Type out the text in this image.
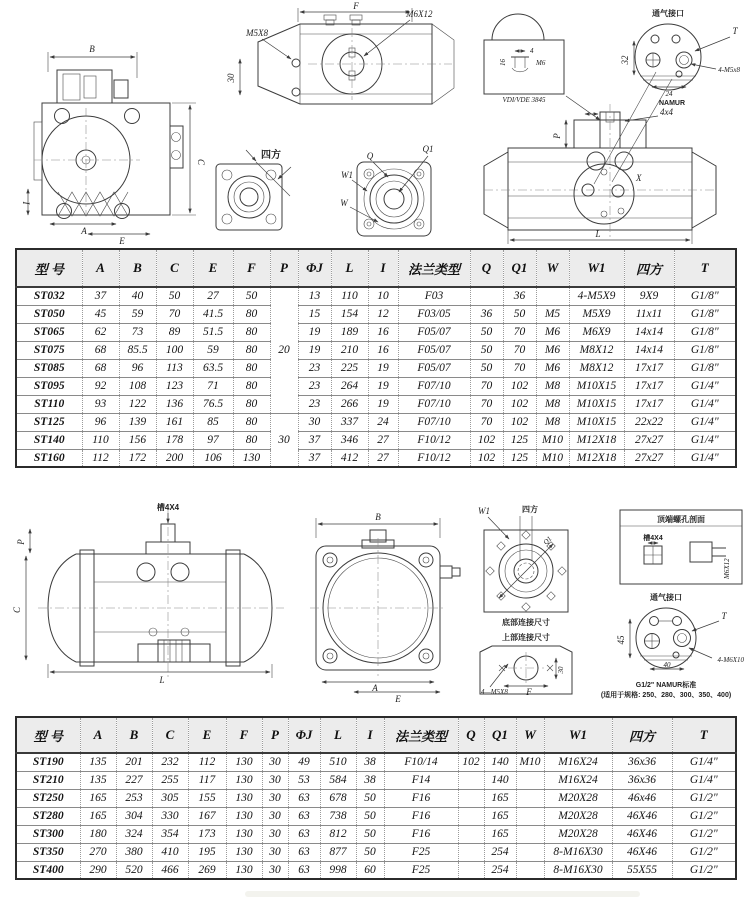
B
C
I
A
E
F
M5X8
30
M6X12
四方	Q
Q1
W1
W
4
M6
16
VDI/VDE 3845
通气接口
32
24
NAMUR
T
4-M5x8
4x4
P
X
L
型 号	A	B	C	E	F	P	ΦJ	L	I	法兰类型	Q	Q1	W	W1	四方	T
ST032	37	40	50	27	50	20	13	110	10	F03		36		4-M5X9	9X9	G1/8"
ST050	45	59	70	41.5	80		15	154	12	F03/05	36	50	M5	M5X9	11x11	G1/8"
ST065	62	73	89	51.5	80		19	189	16	F05/07	50	70	M6	M6X9	14x14	G1/8"
ST075	68	85.5	100	59	80		19	210	16	F05/07	50	70	M6	M8X12	14x14	G1/8"
ST085	68	96	113	63.5	80		23	225	19	F05/07	50	70	M6	M8X12	17x17	G1/8"
ST095	92	108	123	71	80		23	264	19	F07/10	70	102	M8	M10X15	17x17	G1/4"
ST110	93	122	136	76.5	80		23	266	19	F07/10	70	102	M8	M10X15	17x17	G1/4"
ST125	96	139	161	85	80	30	30	337	24	F07/10	70	102	M8	M10X15	22x22	G1/4"
ST140	110	156	178	97	80		37	346	27	F10/12	102	125	M10	M12X18	27x27	G1/4"
ST160	112	172	200	106	130		37	412	27	F10/12	102	125	M10	M12X18	27x27	G1/4"
槽4X4
P
C
L
B
A
E
四方
W1
Q1
底部连接尺寸
上部连接尺寸
F
4—M5X8
30
顶端螺孔剖面
槽4X4
M6X12
通气接口
45
40
T
4-M6X10
G1/2" NAMUR标准
(适用于规格: 250、280、300、350、400)
型 号	A	B	C	E	F	P	ΦJ	L	I	法兰类型	Q	Q1	W	W1	四方	T
ST190	135	201	232	112	130	30	49	510	38	F10/14	102	140	M10	M16X24	36x36	G1/4"
ST210	135	227	255	117	130	30	53	584	38	F14		140		M16X24	36x36	G1/4"
ST250	165	253	305	155	130	30	63	678	50	F16		165		M20X28	46x46	G1/2"
ST280	165	304	330	167	130	30	63	738	50	F16		165		M20X28	46X46	G1/2"
ST300	180	324	354	173	130	30	63	812	50	F16		165		M20X28	46X46	G1/2"
ST350	270	380	410	195	130	30	63	877	50	F25		254		8-M16X30	46X46	G1/2"
ST400	290	520	466	269	130	30	63	998	60	F25		254		8-M16X30	55X55	G1/2"
